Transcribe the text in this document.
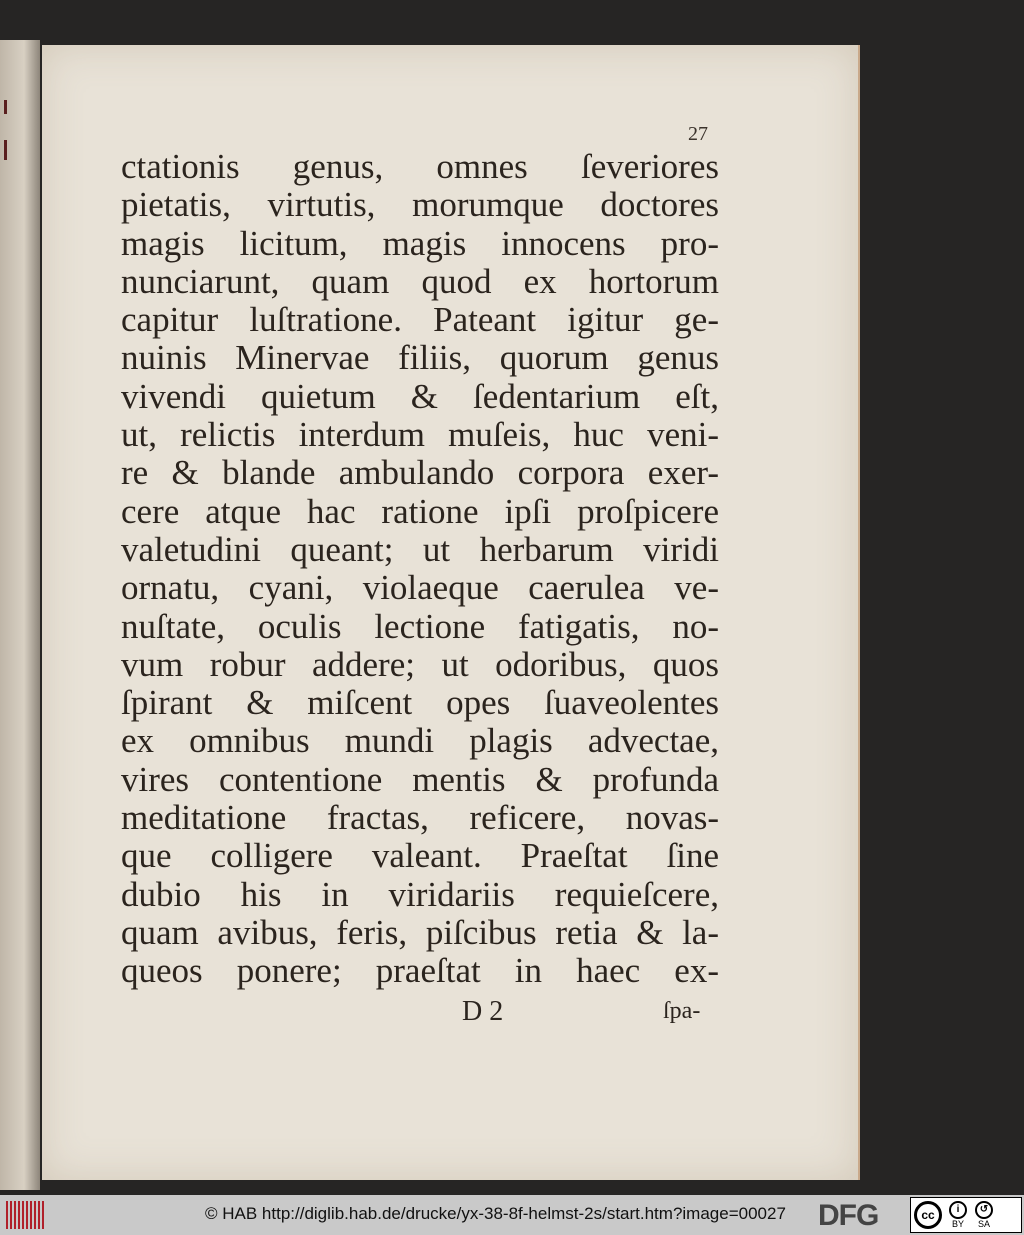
27
ctationis genus, omnes ſeveriores
pietatis, virtutis, morumque doctores
magis licitum, magis innocens pro-
nunciarunt, quam quod ex hortorum
capitur luſtratione. Pateant igitur ge-
nuinis Minervae filiis, quorum genus
vivendi quietum & ſedentarium eſt,
ut, relictis interdum muſeis, huc veni-
re & blande ambulando corpora exer-
cere atque hac ratione ipſi proſpicere
valetudini queant; ut herbarum viridi
ornatu, cyani, violaeque caerulea ve-
nuſtate, oculis lectione fatigatis, no-
vum robur addere; ut odoribus, quos
ſpirant & miſcent opes ſuaveolentes
ex omnibus mundi plagis advectae,
vires contentione mentis & profunda
meditatione fractas, reficere, novas-
que colligere valeant. Praeſtat ſine
dubio his in viridariis requieſcere,
quam avibus, feris, piſcibus retia & la-
queos ponere; praeſtat in haec ex-
D 2	ſpa-
© HAB http://diglib.hab.de/drucke/yx-38-8f-helmst-2s/start.htm?image=00027 DFG	cc	i
BY
↺
SA
